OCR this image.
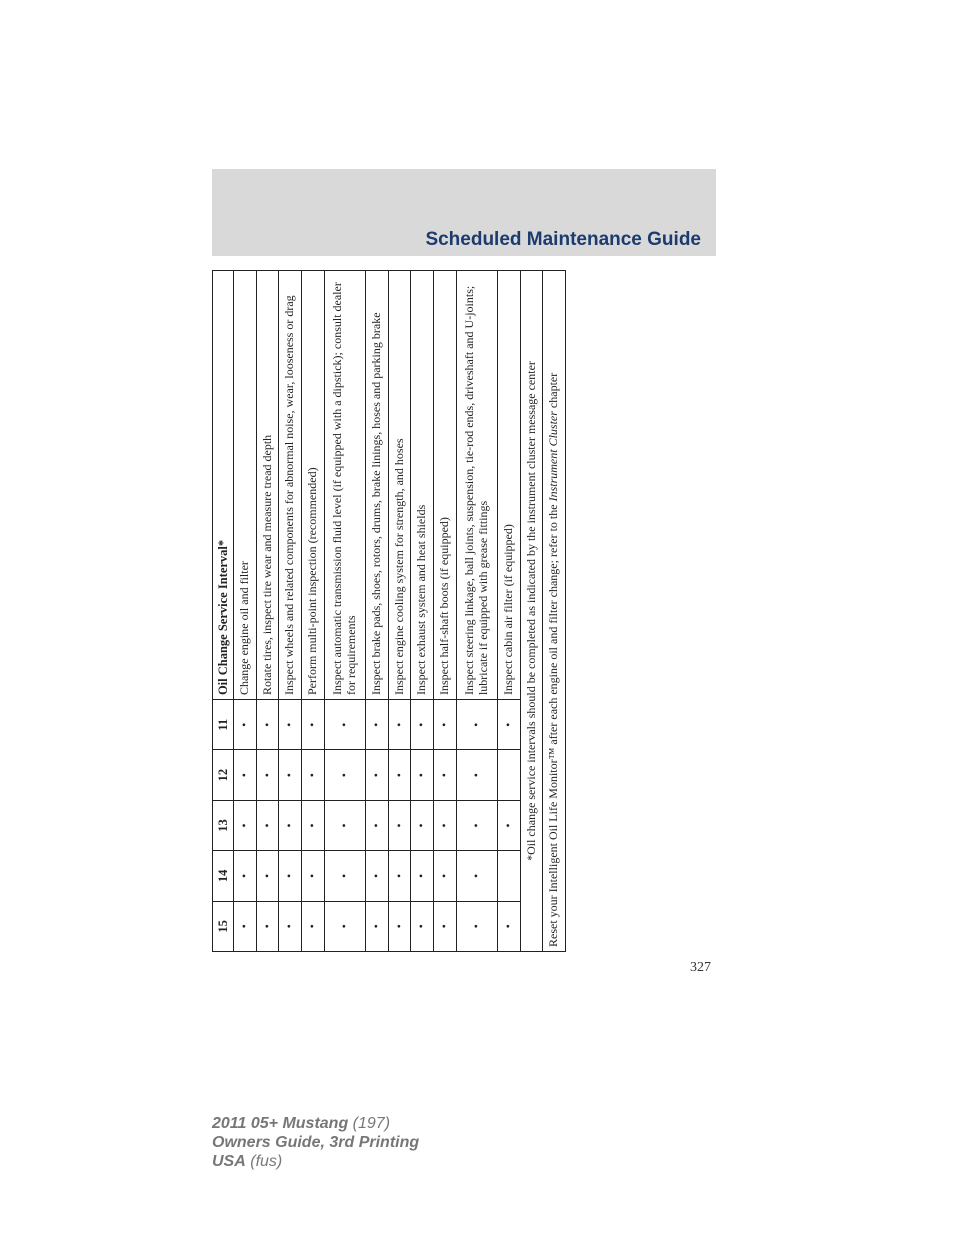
Scheduled Maintenance Guide
15	14	13	12	11	Oil Change Service Interval*
•	•	•	•	•	Change engine oil and filter
•	•	•	•	•	Rotate tires, inspect tire wear and measure tread depth
•	•	•	•	•	Inspect wheels and related components for abnormal noise, wear, looseness or drag
•	•	•	•	•	Perform multi-point inspection (recommended)
•	•	•	•	•	Inspect automatic transmission fluid level (if equipped with a dipstick); consult dealer for requirements
•	•	•	•	•	Inspect brake pads, shoes, rotors, drums, brake linings, hoses and parking brake
•	•	•	•	•	Inspect engine cooling system for strength, and hoses
•	•	•	•	•	Inspect exhaust system and heat shields
•	•	•	•	•	Inspect half-shaft boots (if equipped)
•	•	•	•	•	Inspect steering linkage, ball joints, suspension, tie-rod ends, driveshaft and U-joints; lubricate if equipped with grease fittings
•		•		•	Inspect cabin air filter (if equipped)
*Oil change service intervals should be completed as indicated by the instrument cluster message center					
Reset your Intelligent Oil Life Monitor™ after each engine oil and filter change; refer to the Instrument Cluster chapter					
327
2011 05+ Mustang (197)
Owners Guide, 3rd Printing
USA (fus)
